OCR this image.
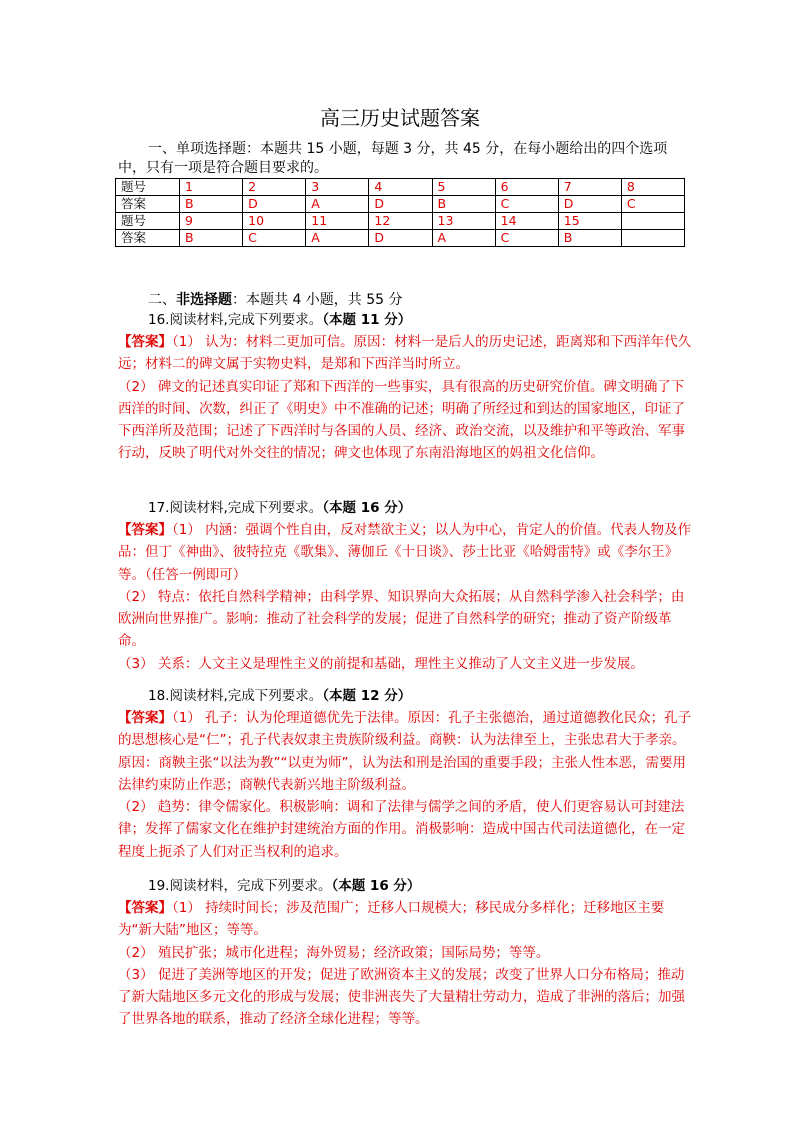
高三历史试题答案
一、单项选择题：本题共 15 小题，每题 3 分，共 45 分，在每小题给出的四个选项中，只有一项是符合题目要求的。
题号	1	2	3	4	5	6	7	8
答案	B	D	A	D	B	C	D	C
题号	9	10	11	12	13	14	15	
答案	B	C	A	D	A	C	B	
二、非选择题：本题共 4 小题，共 55 分
16.阅读材料,完成下列要求。（本题 11 分）
【答案】（1） 认为：材料二更加可信。原因：材料一是后人的历史记述，距离郑和下西洋年代久远；材料二的碑文属于实物史料，是郑和下西洋当时所立。
（2） 碑文的记述真实印证了郑和下西洋的一些事实，具有很高的历史研究价值。碑文明确了下西洋的时间、次数，纠正了《明史》中不准确的记述；明确了所经过和到达的国家地区，印证了下西洋所及范围；记述了下西洋时与各国的人员、经济、政治交流，以及维护和平等政治、军事行动，反映了明代对外交往的情况；碑文也体现了东南沿海地区的妈祖文化信仰。
17.阅读材料,完成下列要求。（本题 16 分）
【答案】（1） 内涵：强调个性自由，反对禁欲主义；以人为中心，肯定人的价值。代表人物及作品：但丁《神曲》、彼特拉克《歌集》、薄伽丘《十日谈》、莎士比亚《哈姆雷特》或《李尔王》等。（任答一例即可）
（2） 特点：依托自然科学精神；由科学界、知识界向大众拓展；从自然科学渗入社会科学；由欧洲向世界推广。影响：推动了社会科学的发展；促进了自然科学的研究；推动了资产阶级革命。
（3） 关系：人文主义是理性主义的前提和基础，理性主义推动了人文主义进一步发展。
18.阅读材料,完成下列要求。（本题 12 分）
【答案】（1） 孔子：认为伦理道德优先于法律。原因：孔子主张德治，通过道德教化民众；孔子的思想核心是“仁”；孔子代表奴隶主贵族阶级利益。商鞅：认为法律至上，主张忠君大于孝亲。原因：商鞅主张“以法为教”“以吏为师”，认为法和刑是治国的重要手段；主张人性本恶，需要用法律约束防止作恶；商鞅代表新兴地主阶级利益。
（2） 趋势：律令儒家化。积极影响：调和了法律与儒学之间的矛盾，使人们更容易认可封建法律；发挥了儒家文化在维护封建统治方面的作用。消极影响：造成中国古代司法道德化，在一定程度上扼杀了人们对正当权利的追求。
19.阅读材料，完成下列要求。（本题 16 分）
【答案】（1） 持续时间长；涉及范围广；迁移人口规模大；移民成分多样化；迁移地区主要为“新大陆”地区；等等。
（2） 殖民扩张；城市化进程；海外贸易；经济政策；国际局势；等等。
（3） 促进了美洲等地区的开发；促进了欧洲资本主义的发展；改变了世界人口分布格局；推动了新大陆地区多元文化的形成与发展；使非洲丧失了大量精壮劳动力，造成了非洲的落后；加强了世界各地的联系，推动了经济全球化进程；等等。
